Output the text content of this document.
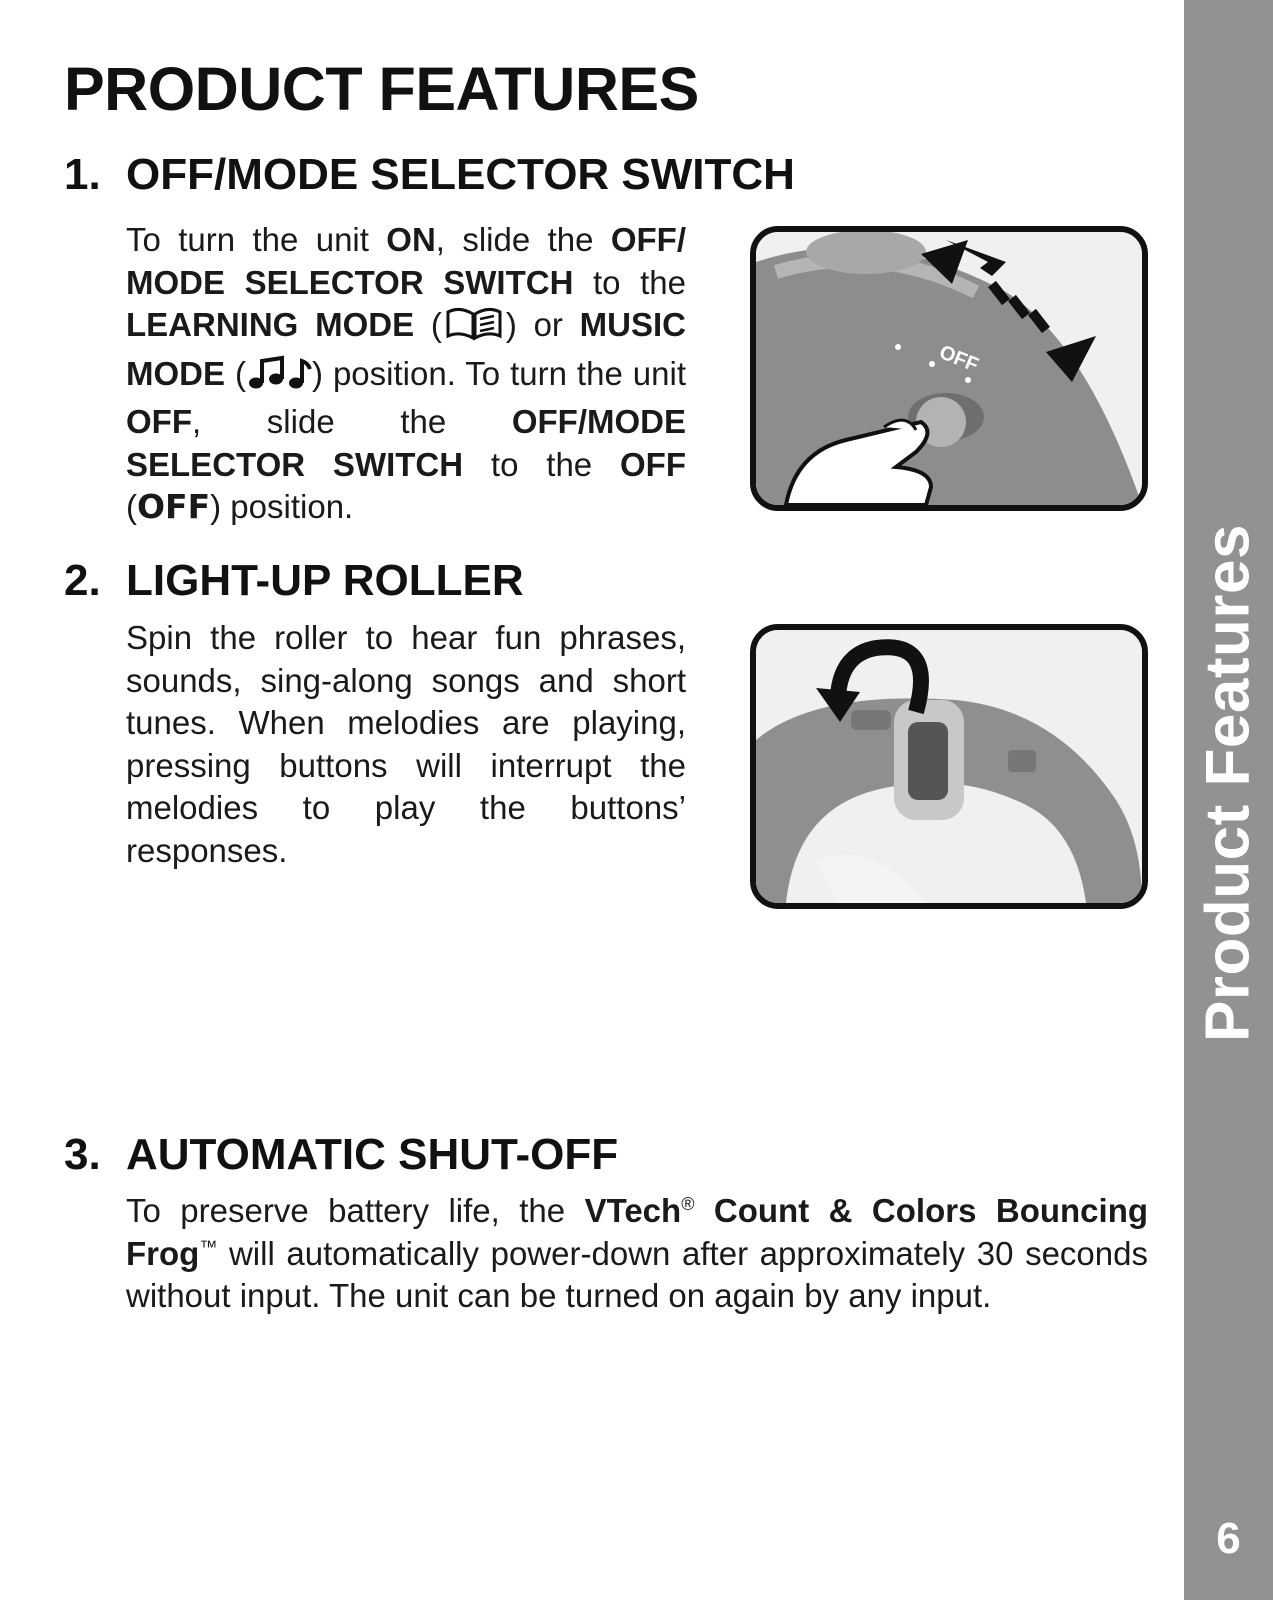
Product Features
6
PRODUCT FEATURES
1. OFF/MODE SELECTOR SWITCH
To turn the unit ON, slide the OFF/ MODE SELECTOR SWITCH to the LEARNING MODE ( ) or MUSIC MODE ( ) position. To turn the unit OFF, slide the OFF/MODE SELECTOR SWITCH to the OFF (OFF) position.
OFF
2. LIGHT-UP ROLLER
Spin the roller to hear fun phrases, sounds, sing-along songs and short tunes. When melodies are playing, pressing buttons will interrupt the melodies to play the buttons’ responses.
3. AUTOMATIC SHUT-OFF
To preserve battery life, the VTech® Count & Colors Bouncing Frog™ will automatically power-down after approximately 30 seconds without input. The unit can be turned on again by any input.
